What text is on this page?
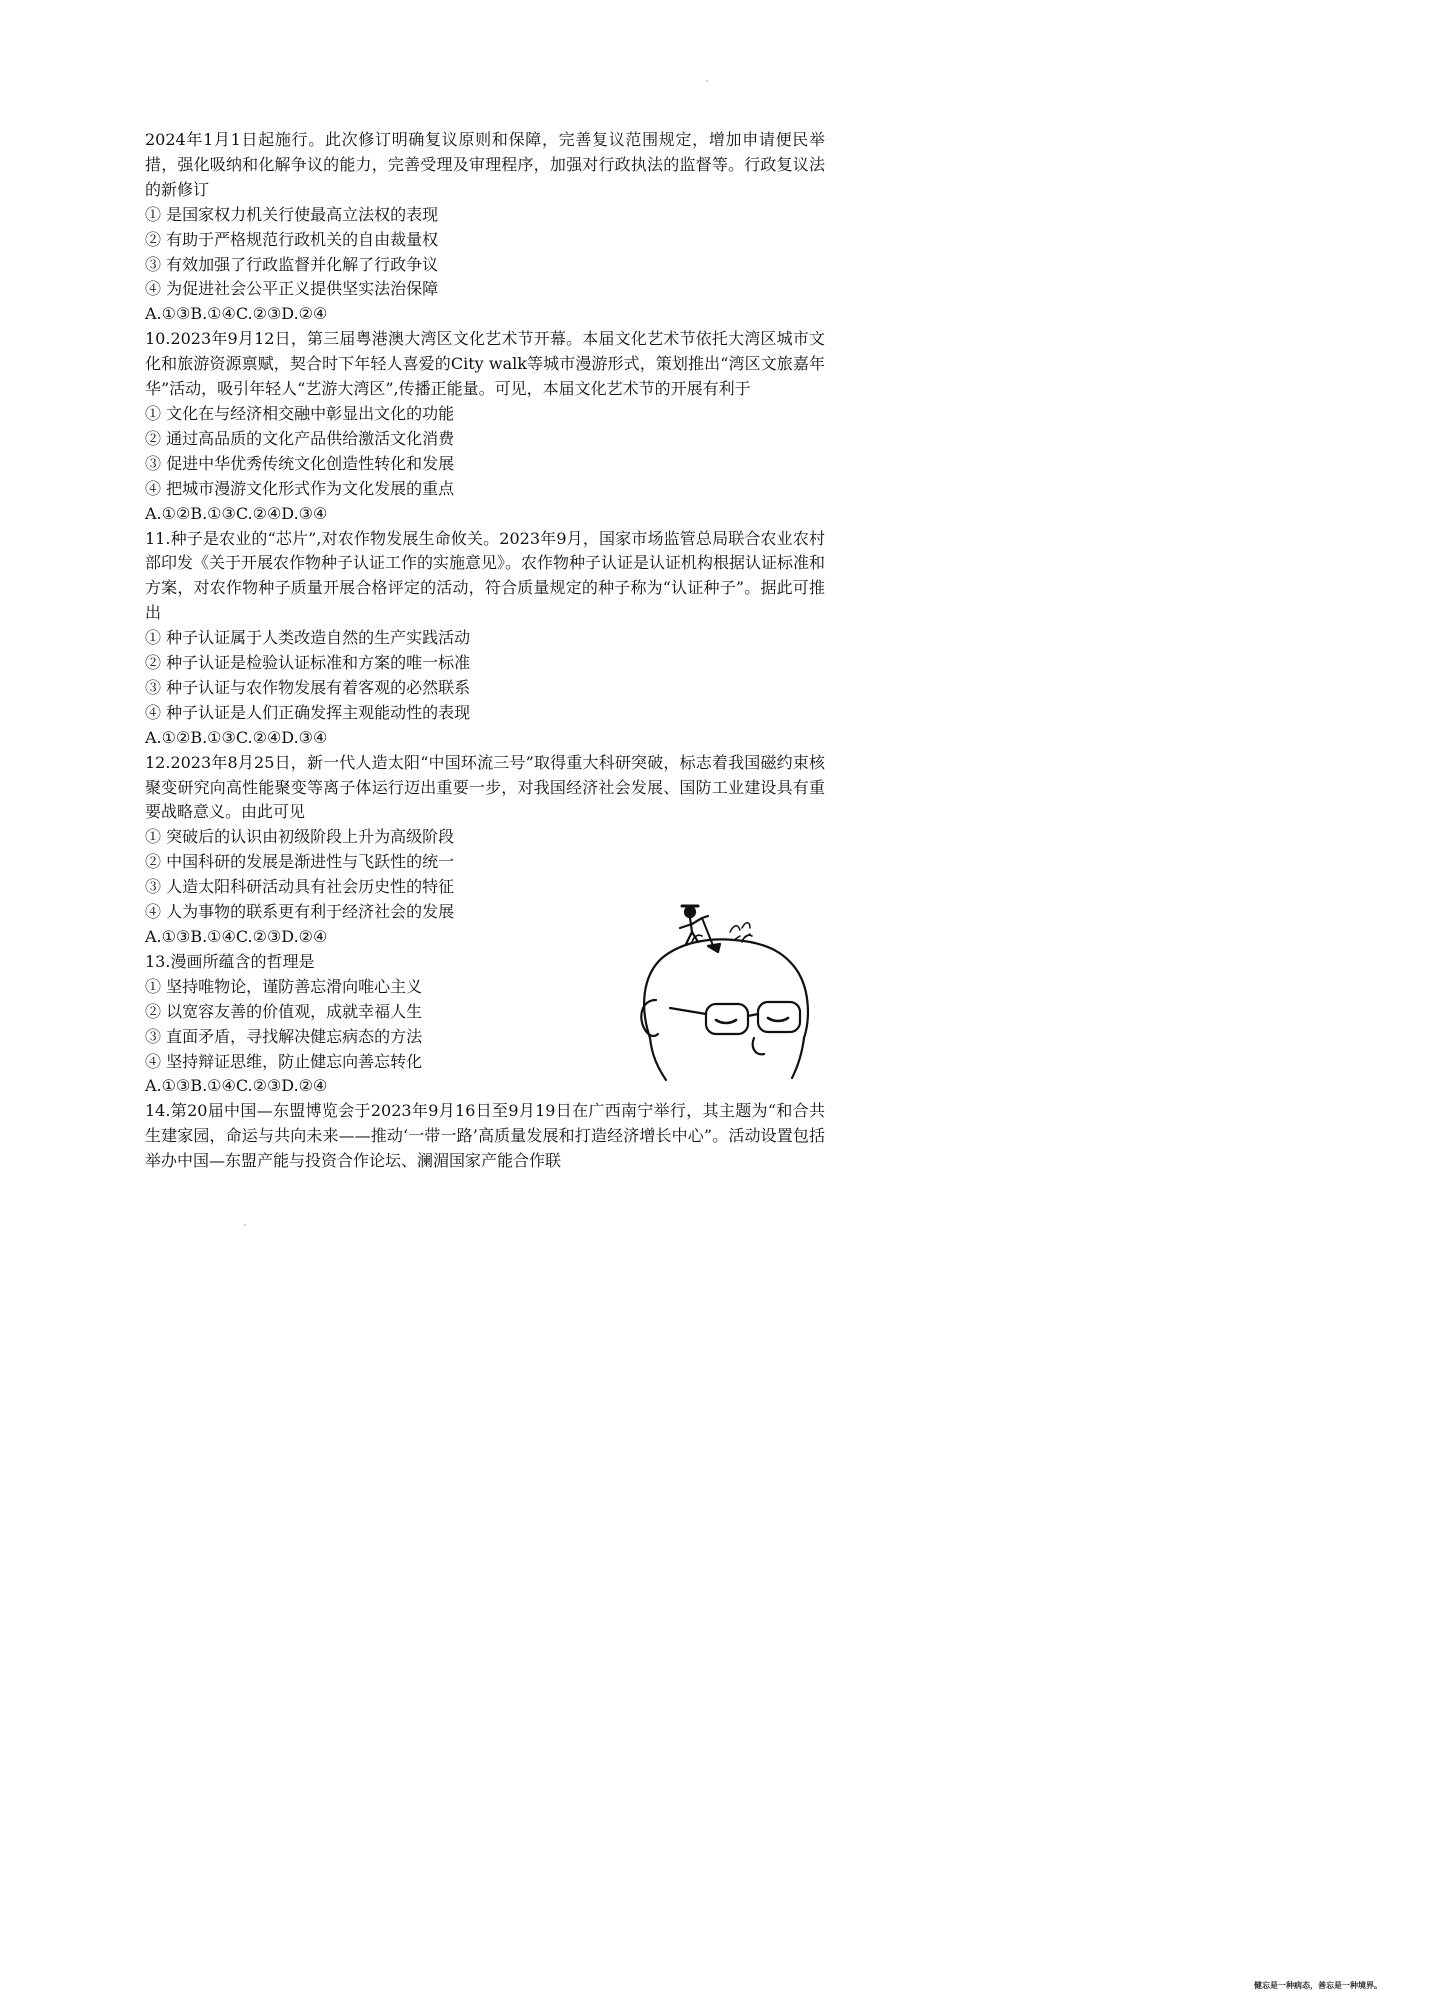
2024年1月1日起施行。此次修订明确复议原则和保障，完善复议范围规定，增加申请便民举措，强化吸纳和化解争议的能力，完善受理及审理程序，加强对行政执法的监督等。行政复议法的新修订
① 是国家权力机关行使最高立法权的表现
② 有助于严格规范行政机关的自由裁量权
③ 有效加强了行政监督并化解了行政争议
④ 为促进社会公平正义提供坚实法治保障
A.①③B.①④C.②③D.②④
10.2023年9月12日，第三届粤港澳大湾区文化艺术节开幕。本届文化艺术节依托大湾区城市文化和旅游资源禀赋，契合时下年轻人喜爱的City walk等城市漫游形式，策划推出“湾区文旅嘉年华”活动，吸引年轻人“艺游大湾区”,传播正能量。可见，本届文化艺术节的开展有利于
① 文化在与经济相交融中彰显出文化的功能
② 通过高品质的文化产品供给激活文化消费
③ 促进中华优秀传统文化创造性转化和发展
④ 把城市漫游文化形式作为文化发展的重点
A.①②B.①③C.②④D.③④
11.种子是农业的“芯片”,对农作物发展生命攸关。2023年9月，国家市场监管总局联合农业农村部印发《关于开展农作物种子认证工作的实施意见》。农作物种子认证是认证机构根据认证标准和方案，对农作物种子质量开展合格评定的活动，符合质量规定的种子称为“认证种子”。据此可推出
① 种子认证属于人类改造自然的生产实践活动
② 种子认证是检验认证标准和方案的唯一标准
③ 种子认证与农作物发展有着客观的必然联系
④ 种子认证是人们正确发挥主观能动性的表现
A.①②B.①③C.②④D.③④
12.2023年8月25日，新一代人造太阳“中国环流三号”取得重大科研突破，标志着我国磁约束核聚变研究向高性能聚变等离子体运行迈出重要一步，对我国经济社会发展、国防工业建设具有重要战略意义。由此可见
① 突破后的认识由初级阶段上升为高级阶段
② 中国科研的发展是渐进性与飞跃性的统一
③ 人造太阳科研活动具有社会历史性的特征
④ 人为事物的联系更有利于经济社会的发展
A.①③B.①④C.②③D.②④
13.漫画所蕴含的哲理是
① 坚持唯物论，谨防善忘滑向唯心主义
② 以宽容友善的价值观，成就幸福人生
③ 直面矛盾，寻找解决健忘病态的方法
④ 坚持辩证思维，防止健忘向善忘转化
A.①③B.①④C.②③D.②④
14.第20届中国—东盟博览会于2023年9月16日至9月19日在广西南宁举行，其主题为“和合共生建家园，命运与共向未来——推动‘一带一路’高质量发展和打造经济增长中心”。活动设置包括举办中国—东盟产能与投资合作论坛、澜湄国家产能合作联
健忘是一种病态，善忘是一种境界。
